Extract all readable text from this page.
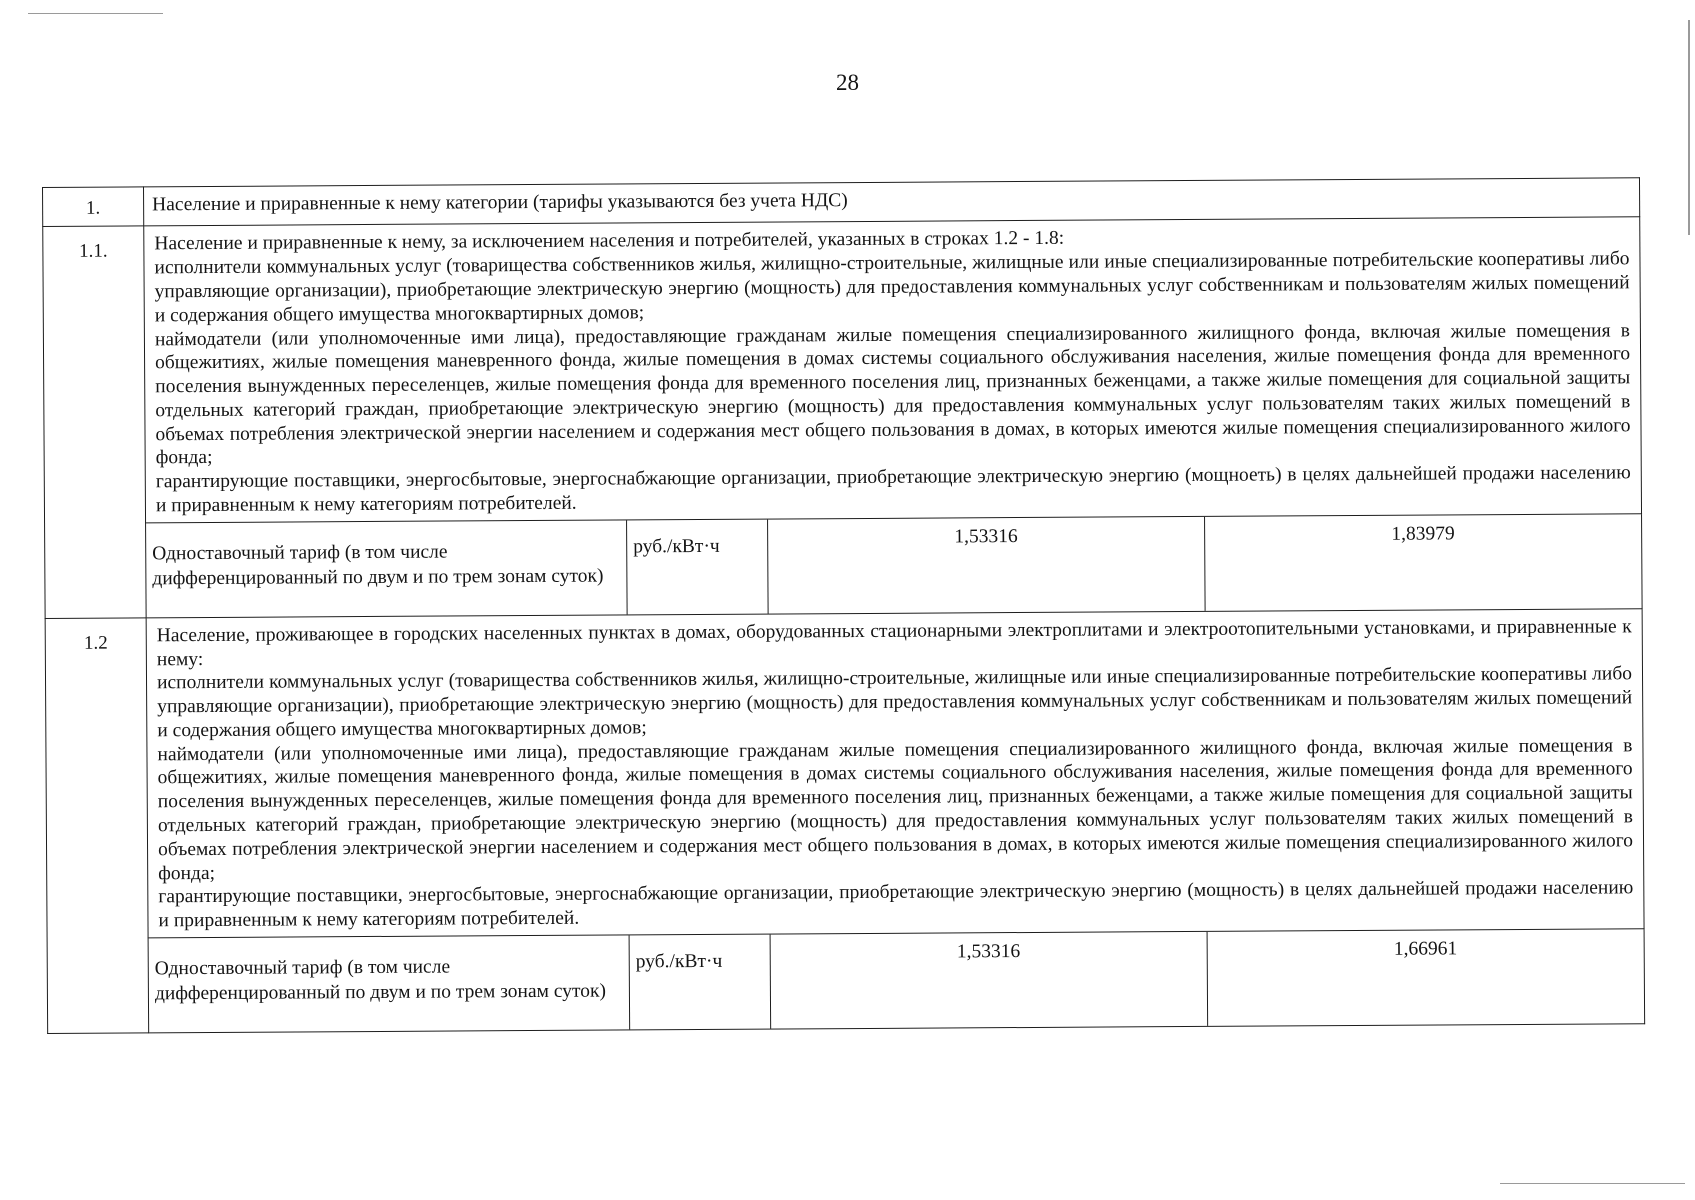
28
1.	Население и приравненные к нему категории (тарифы указываются без учета НДС)
1.1.	Население и приравненные к нему, за исключением населения и потребителей, указанных в строках 1.2 - 1.8:

исполнители коммунальных услуг (товарищества собственников жилья, жилищно-строительные, жилищные или иные специализированные потребительские кооперативы либо управляющие организации), приобретающие электрическую энергию (мощность) для предоставления коммунальных услуг собственникам и пользователям жилых помещений и содержания общего имущества многоквартирных домов;

наймодатели (или уполномоченные ими лица), предоставляющие гражданам жилые помещения специализированного жилищного фонда, включая жилые помещения в общежитиях, жилые помещения маневренного фонда, жилые помещения в домах системы социального обслуживания населения, жилые помещения фонда для временного поселения вынужденных переселенцев, жилые помещения фонда для временного поселения лиц, признанных беженцами, а также жилые помещения для социальной защиты отдельных категорий граждан, приобретающие электрическую энергию (мощность) для предоставления коммунальных услуг пользователям таких жилых помещений в объемах потребления электрической энергии населением и содержания мест общего пользования в домах, в которых имеются жилые помещения специализированного жилого фонда;

гарантирующие поставщики, энергосбытовые, энергоснабжающие организации, приобретающие электрическую энергию (мощноеть) в целях дальнейшей продажи населению и приравненным к нему категориям потребителей.

Одноставочный тариф (в том числе дифференцированный по двум и по трем зонам суток)	руб./кВт·ч	1,53316	1,83979

1.2	Население, проживающее в городских населенных пунктах в домах, оборудованных стационарными электроплитами и электроотопительными установками, и приравненные к нему:

исполнители коммунальных услуг (товарищества собственников жилья, жилищно-строительные, жилищные или иные специализированные потребительские кооперативы либо управляющие организации), приобретающие электрическую энергию (мощность) для предоставления коммунальных услуг собственникам и пользователям жилых помещений и содержания общего имущества многоквартирных домов;

наймодатели (или уполномоченные ими лица), предоставляющие гражданам жилые помещения специализированного жилищного фонда, включая жилые помещения в общежитиях, жилые помещения маневренного фонда, жилые помещения в домах системы социального обслуживания населения, жилые помещения фонда для временного поселения вынужденных переселенцев, жилые помещения фонда для временного поселения лиц, признанных беженцами, а также жилые помещения для социальной защиты отдельных категорий граждан, приобретающие электрическую энергию (мощность) для предоставления коммунальных услуг пользователям таких жилых помещений в объемах потребления электрической энергии населением и содержания мест общего пользования в домах, в которых имеются жилые помещения специализированного жилого фонда;

гарантирующие поставщики, энергосбытовые, энергоснабжающие организации, приобретающие электрическую энергию (мощность) в целях дальнейшей продажи населению и приравненным к нему категориям потребителей.

Одноставочный тариф (в том числе дифференцированный по двум и по трем зонам суток)	руб./кВт·ч	1,53316	1,66961
